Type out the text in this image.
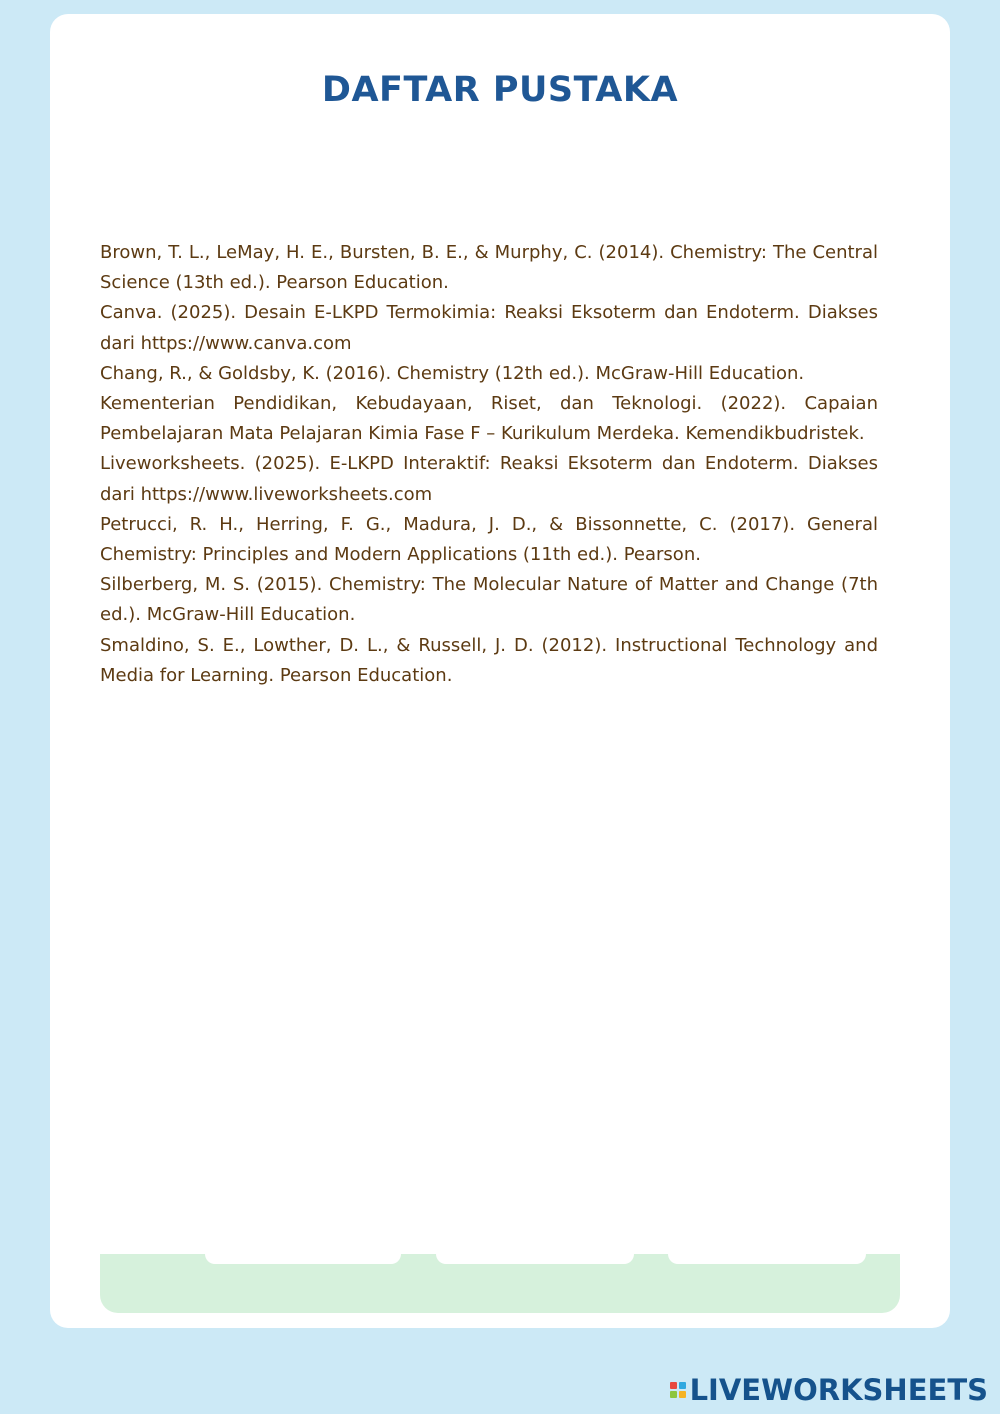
DAFTAR PUSTAKA

Brown, T. L., LeMay, H. E., Bursten, B. E., & Murphy, C. (2014). Chemistry: The Central Science (13th ed.). Pearson Education.

Canva. (2025). Desain E-LKPD Termokimia: Reaksi Eksoterm dan Endoterm. Diakses dari https://www.canva.com

Chang, R., & Goldsby, K. (2016). Chemistry (12th ed.). McGraw-Hill Education.

Kementerian Pendidikan, Kebudayaan, Riset, dan Teknologi. (2022). Capaian Pembelajaran Mata Pelajaran Kimia Fase F – Kurikulum Merdeka. Kemendikbudristek.

Liveworksheets. (2025). E-LKPD Interaktif: Reaksi Eksoterm dan Endoterm. Diakses dari https://www.liveworksheets.com

Petrucci, R. H., Herring, F. G., Madura, J. D., & Bissonnette, C. (2017). General Chemistry: Principles and Modern Applications (11th ed.). Pearson.

Silberberg, M. S. (2015). Chemistry: The Molecular Nature of Matter and Change (7th ed.). McGraw-Hill Education.

Smaldino, S. E., Lowther, D. L., & Russell, J. D. (2012). Instructional Technology and Media for Learning. Pearson Education.

LIVEWORKSHEETS
